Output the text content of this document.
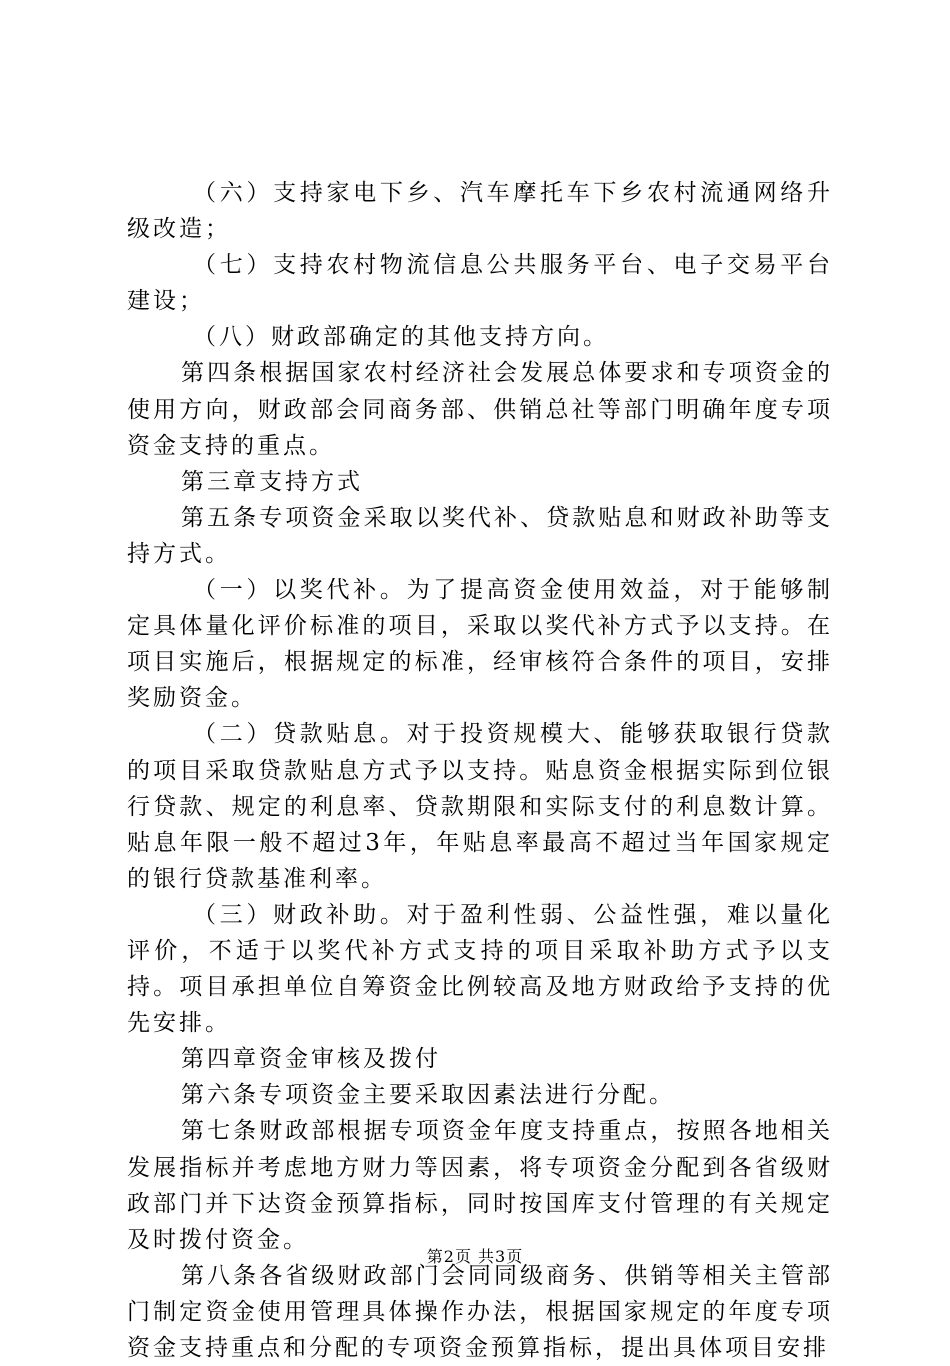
（六）支持家电下乡、汽车摩托车下乡农村流通网络升级改造；

（七）支持农村物流信息公共服务平台、电子交易平台建设；

（八）财政部确定的其他支持方向。

第四条根据国家农村经济社会发展总体要求和专项资金的使用方向，财政部会同商务部、供销总社等部门明确年度专项资金支持的重点。

第三章支持方式

第五条专项资金采取以奖代补、贷款贴息和财政补助等支持方式。

（一）以奖代补。为了提高资金使用效益，对于能够制定具体量化评价标准的项目，采取以奖代补方式予以支持。在项目实施后，根据规定的标准，经审核符合条件的项目，安排奖励资金。

（二）贷款贴息。对于投资规模大、能够获取银行贷款的项目采取贷款贴息方式予以支持。贴息资金根据实际到位银行贷款、规定的利息率、贷款期限和实际支付的利息数计算。贴息年限一般不超过3年，年贴息率最高不超过当年国家规定的银行贷款基准利率。

（三）财政补助。对于盈利性弱、公益性强，难以量化评价，不适于以奖代补方式支持的项目采取补助方式予以支持。项目承担单位自筹资金比例较高及地方财政给予支持的优先安排。

第四章资金审核及拨付

第六条专项资金主要采取因素法进行分配。

第七条财政部根据专项资金年度支持重点，按照各地相关发展指标并考虑地方财力等因素，将专项资金分配到各省级财政部门并下达资金预算指标，同时按国库支付管理的有关规定及时拨付资金。

第八条各省级财政部门会同同级商务、供销等相关主管部门制定资金使用管理具体操作办法，根据国家规定的年度专项资金支持重点和分配的专项资金预算指标，提出具体项目安排

第2页 共3页
